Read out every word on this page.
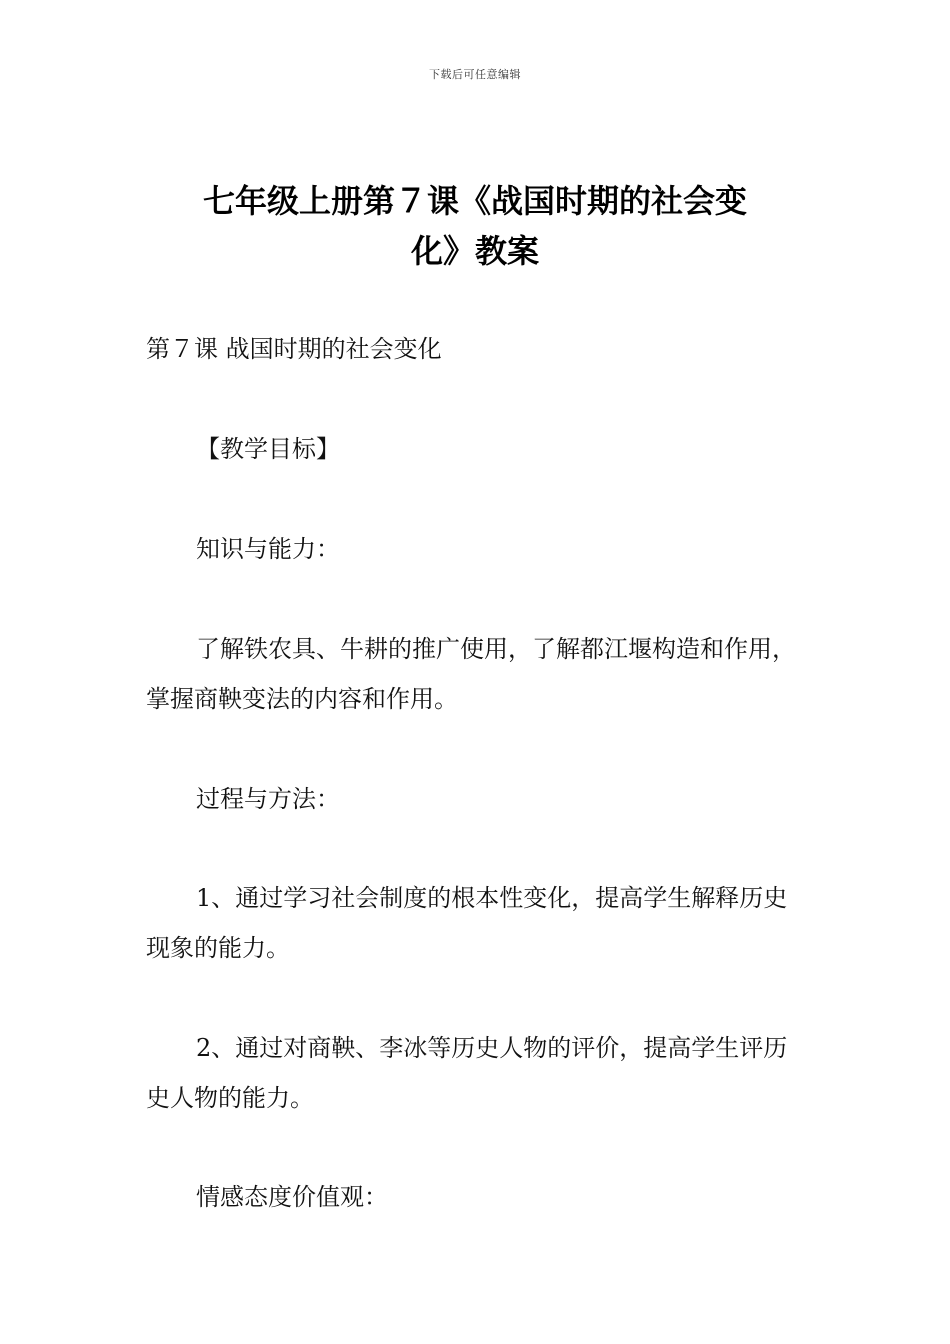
下载后可任意编辑
七年级上册第７课《战国时期的社会变
化》教案

第７课 战国时期的社会变化

【教学目标】

知识与能力：

了解铁农具、牛耕的推广使用，了解都江堰构造和作用，掌握商鞅变法的内容和作用。

过程与方法：

1、通过学习社会制度的根本性变化，提高学生解释历史现象的能力。

2、通过对商鞅、李冰等历史人物的评价，提高学生评历史人物的能力。

情感态度价值观：
